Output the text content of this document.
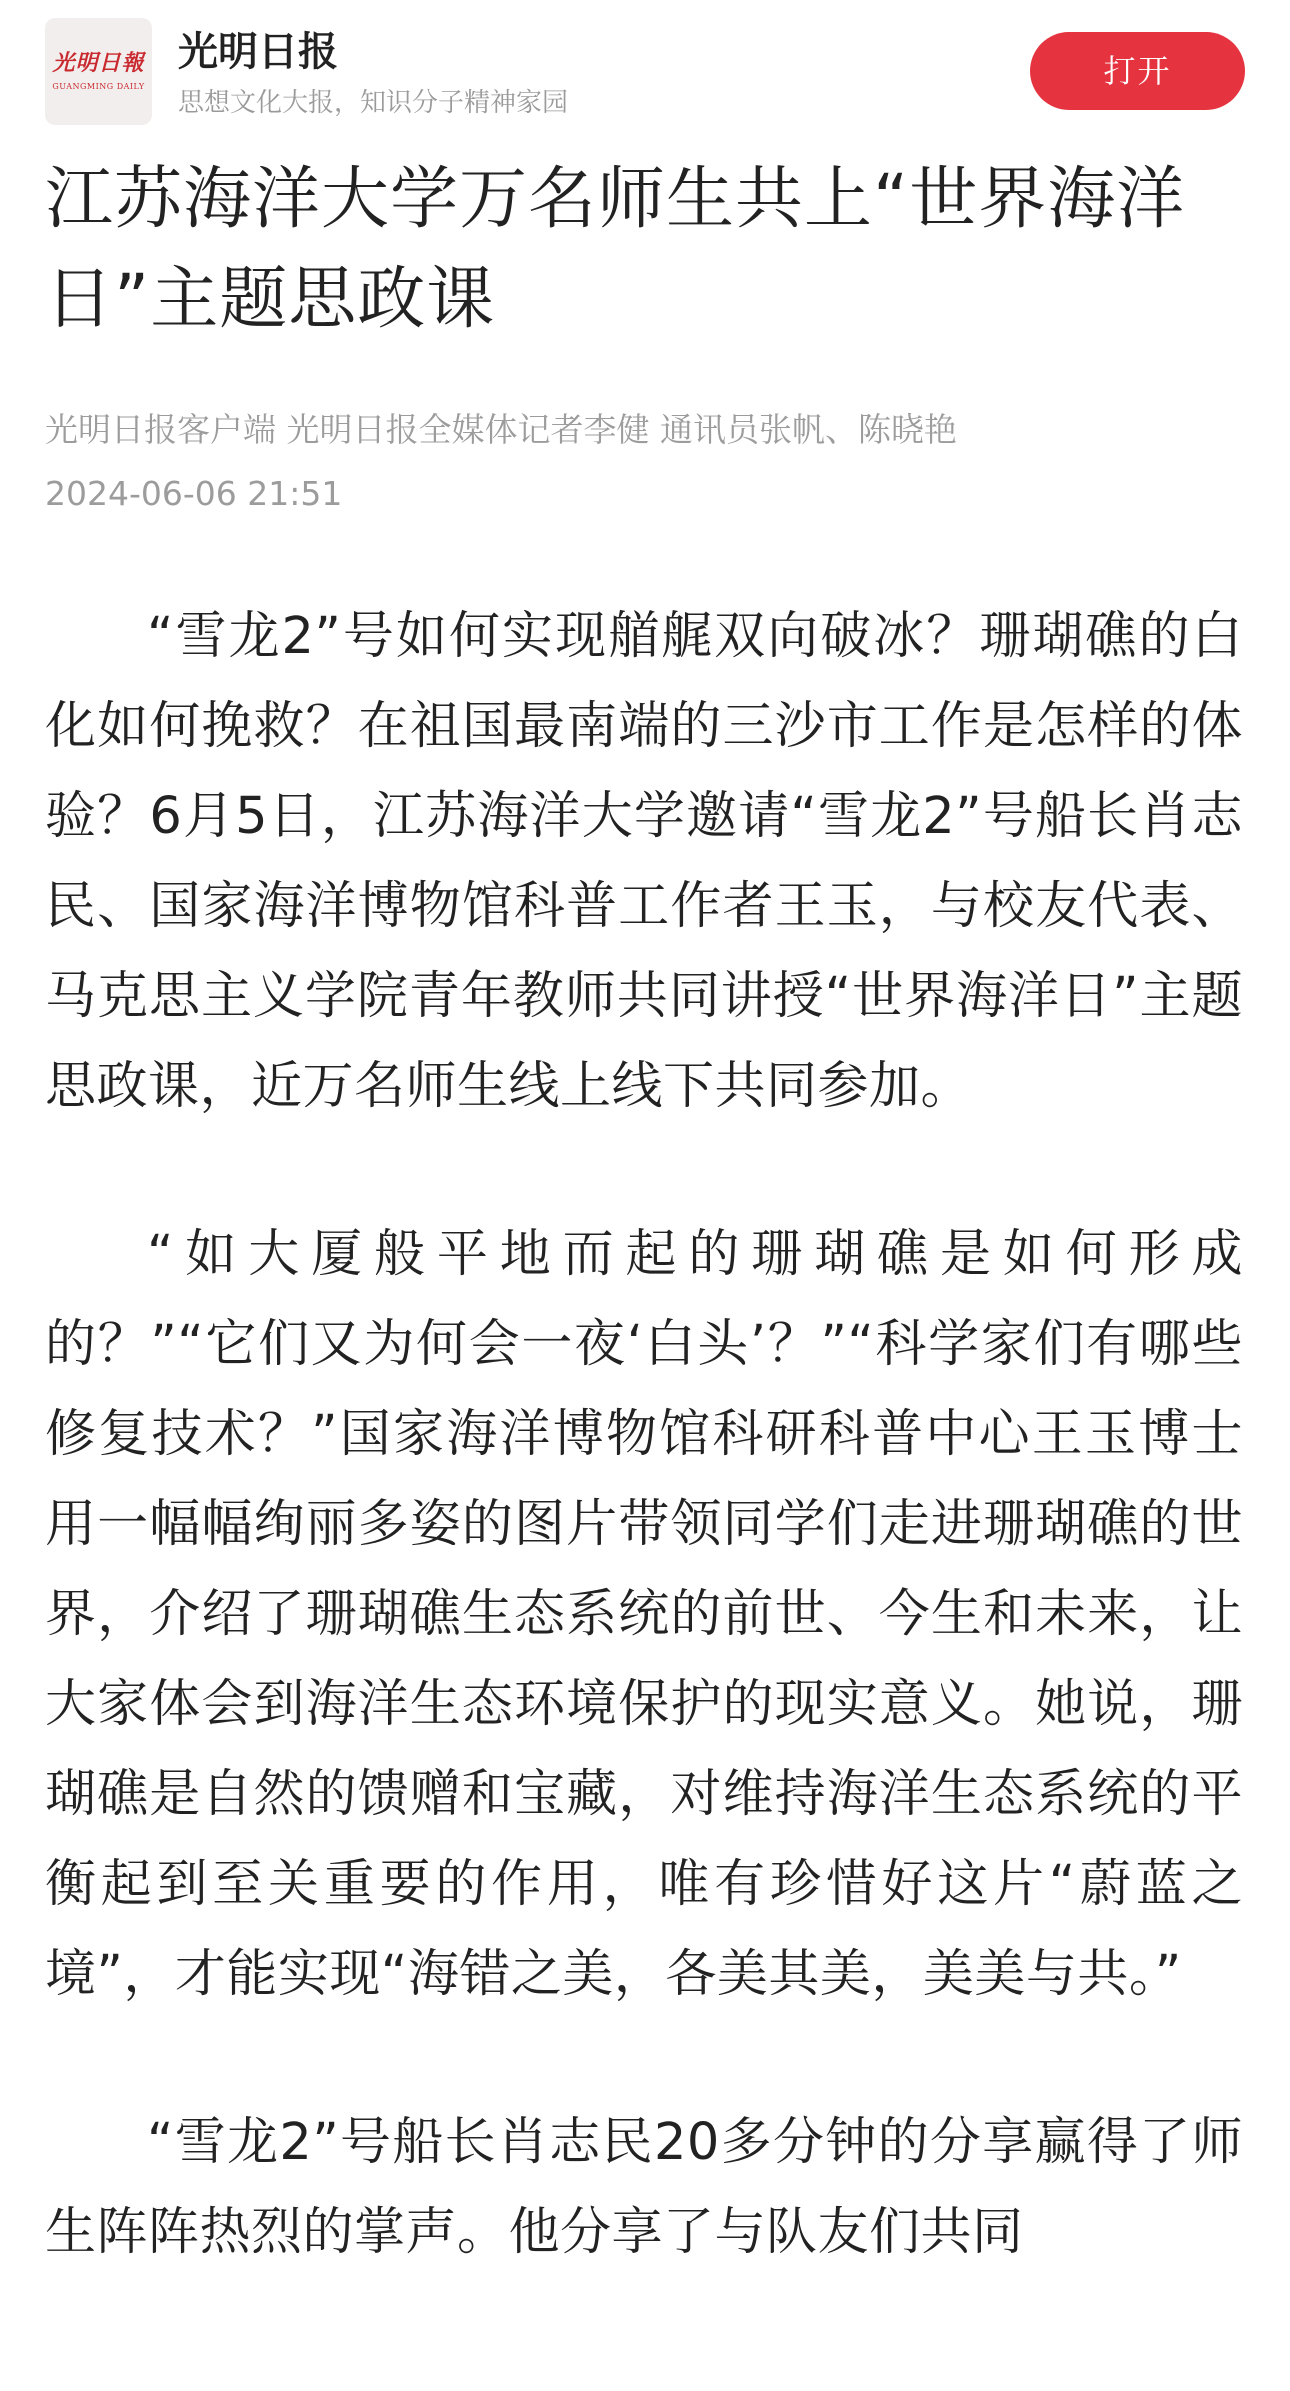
光明日報
GUANGMING DAILY
光明日报
思想文化大报，知识分子精神家园
打开
江苏海洋大学万名师生共上“世界海洋日”主题思政课
光明日报客户端 光明日报全媒体记者李健 通讯员张帆、陈晓艳
2024-06-06 21:51

“雪龙2”号如何实现艏艉双向破冰？珊瑚礁的白化如何挽救？在祖国最南端的三沙市工作是怎样的体验？6月5日，江苏海洋大学邀请“雪龙2”号船长肖志民、国家海洋博物馆科普工作者王玉，与校友代表、马克思主义学院青年教师共同讲授“世界海洋日”主题思政课，近万名师生线上线下共同参加。

“如大厦般平地而起的珊瑚礁是如何形成的？”“它们又为何会一夜‘白头’？”“科学家们有哪些修复技术？”国家海洋博物馆科研科普中心王玉博士用一幅幅绚丽多姿的图片带领同学们走进珊瑚礁的世界，介绍了珊瑚礁生态系统的前世、今生和未来，让大家体会到海洋生态环境保护的现实意义。她说，珊瑚礁是自然的馈赠和宝藏，对维持海洋生态系统的平衡起到至关重要的作用，唯有珍惜好这片“蔚蓝之境”，才能实现“海错之美，各美其美，美美与共。”

“雪龙2”号船长肖志民20多分钟的分享赢得了师生阵阵热烈的掌声。他分享了与队友们共同
